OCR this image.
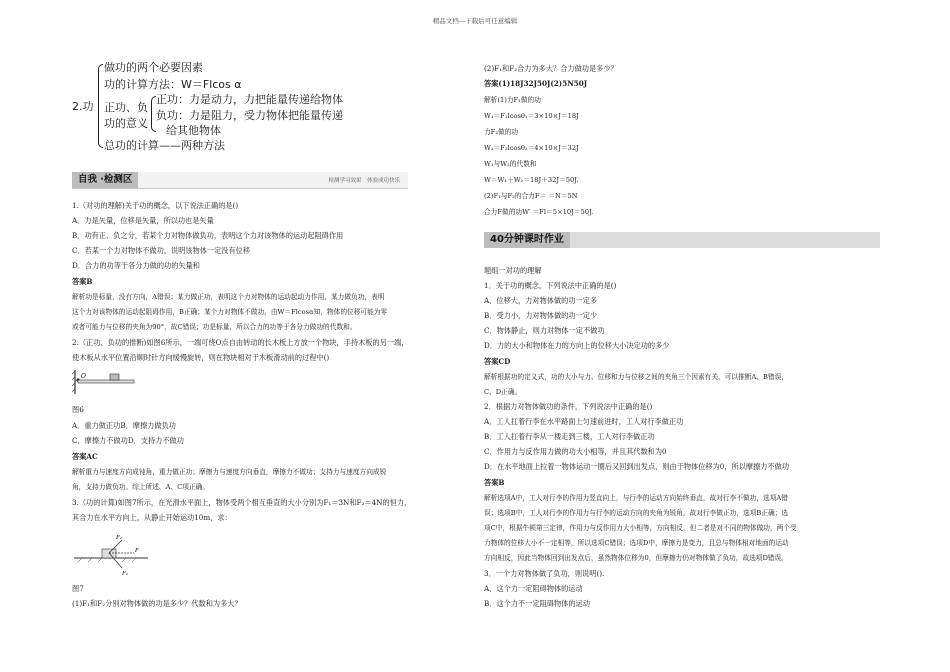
精品文档---下载后可任意编辑
2.功
做功的两个必要因素
功的计算方法：W＝Flcos α
正功、负
功的意义
正功：力是动力，力把能量传递给物体
负功：力是阻力，受力物体把能量传递
给其他物体
总功的计算——两种方法
自我 ·检测区	检测学习效果　体验成功快乐
1.（对功的理解)关于功的概念，以下说法正确的是()
A．力是矢量，位移是矢量，所以功也是矢量
B．功有正、负之分，若某个力对物体做负功，表明这个力对该物体的运动起阻碍作用
C．若某一个力对物体不做功，说明该物体一定没有位移
D．合力的功等于各分力做的功的矢量和
答案B
解析功是标量，没有方向，A错误；某力做正功，表明这个力对物体的运动起动力作用，某力做负功，表明
这个力对该物体的运动起阻碍作用，B正确；某个力对物体不做功，由W＝Flcosα知，物体的位移可能为零
或者可能力与位移的夹角为90°，故C错误；功是标量，所以合力的功等于各分力做功的代数和。
2.（正功、负功的推断)如图6所示，一端可绕O点自由转动的长木板上方放一个物块，手持木板的另一端，
使木板从水平位置沿顺时针方向缓慢旋转，则在物块相对于木板滑动前的过程中()
O
图6
A．重力做正功B．摩擦力做负功
C．摩擦力不做功D．支持力不做功
答案AC
解析重力与速度方向成钝角，重力做正功；摩擦力与速度方向垂直，摩擦力不做功；支持力与速度方向成锐
角，支持力做负功。综上所述，A、C项正确。
3.（功的计算)如图7所示，在光滑水平面上，物体受两个相互垂直的大小分别为F₁＝3N和F₂＝4N的恒力，
其合力在水平方向上，从静止开始运动10m，求：
F₁
F₂
F
图7
(1)F₁和F₂分别对物体做的功是多少？代数和为多大？
(2)F₁和F₂合力为多大？合力做功是多少？
答案(1)18J32J50J(2)5N50J
解析(1)力F₁做的功
W₁＝F₁lcosθ₁＝3×10×J＝18J
力F₂做的功
W₂＝F₂lcosθ₂＝4×10×J＝32J
W₁与W₂的代数和
W＝W₁＋W₂＝18J＋32J＝50J.
(2)F₁与F₂的合力F＝ ＝N＝5N
合力F做的功W′ ＝Fl＝5×10J＝50J.
40分钟课时作业
题组一对功的理解
1．关于功的概念，下列说法中正确的是()
A．位移大，力对物体做的功一定多
B．受力小，力对物体做的功一定少
C．物体静止，则力对物体一定不做功
D．力的大小和物体在力的方向上的位移大小决定功的多少
答案CD
解析根据功的定义式，功的大小与力、位移和力与位移之间的夹角三个因素有关，可以推断A、B错误，
C、D正确。
2．根据力对物体做功的条件，下列说法中正确的是()
A．工人扛着行李在水平路面上匀速前进时，工人对行李做正功
B．工人扛着行李从一楼走到三楼，工人对行李做正功
C．作用力与反作用力做的功大小相等，并且其代数和为0
D．在水平地面上拉着一物体运动一圈后又回到出发点，则由于物体位移为0，所以摩擦力不做功
答案B
解析选项A中，工人对行李的作用力竖直向上，与行李的运动方向始终垂直，故对行李不做功，选项A错
误；选项B中，工人对行李的作用力与行李的运动方向的夹角为锐角，故对行李做正功，选项B正确；选
项C中，根据牛顿第三定律，作用力与反作用力大小相等，方向相反，但二者是对不同的物体做功，两个受
力物体的位移大小不一定相等，所以选项C错误；选项D中，摩擦力是变力，且总与物体相对地面的运动
方向相反，因此当物体回到出发点后，虽然物体位移为0，但摩擦力仍对物体做了负功，故选项D错误。
3．一个力对物体做了负功，则说明().
A．这个力一定阻碍物体的运动
B．这个力不一定阻碍物体的运动
